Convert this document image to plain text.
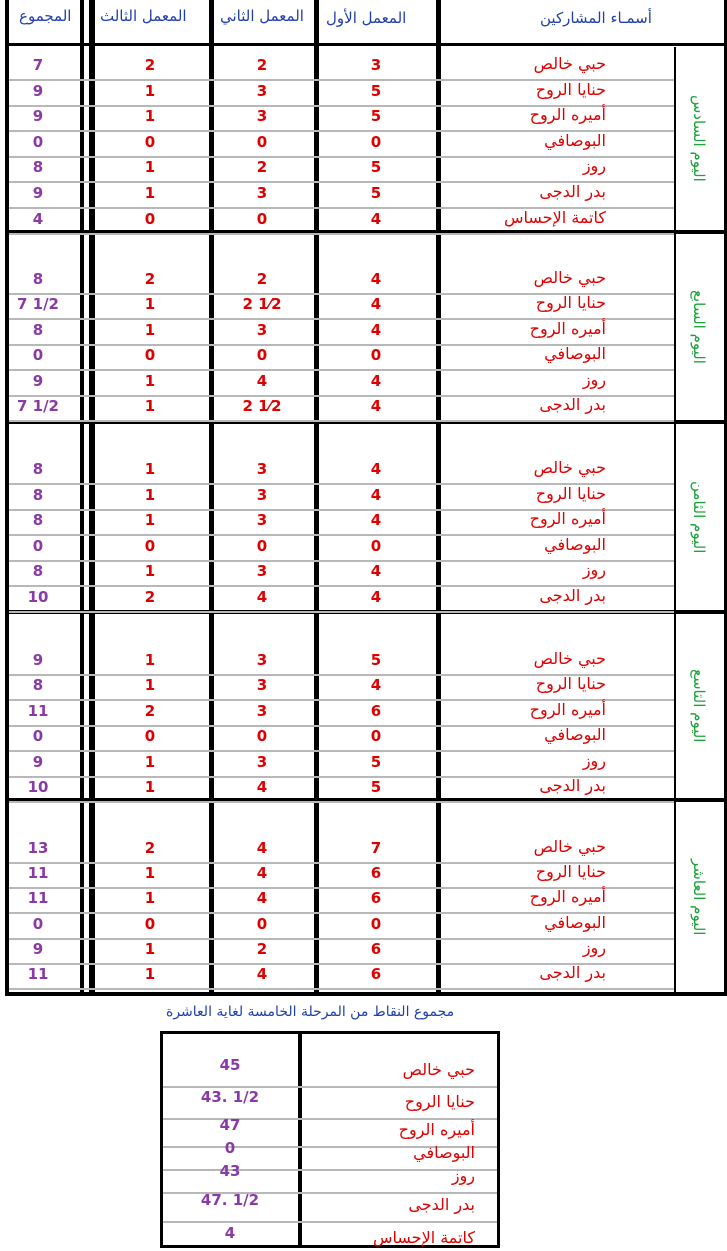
أسمـاء المشاركين
المعمل الأول
المعمل الثاني
المعمل الثالث
المجموع
اليوم السادس
حبي خالص
3
2
2
7
حنايا الروح
5
3
1
9
أميره الروح
5
3
1
9
البوصافي
0
0
0
0
روز
5
2
1
8
بدر الدجى
5
3
1
9
كاتمة الإحساس
4
0
0
4
اليوم السابع
حبي خالص
4
2
2
8
حنايا الروح
4
2 1⁄2
1
7 1/2
أميره الروح
4
3
1
8
البوصافي
0
0
0
0
روز
4
4
1
9
بدر الدجى
4
2 1⁄2
1
7 1/2
اليوم الثامن
حبي خالص
4
3
1
8
حنايا الروح
4
3
1
8
أميره الروح
4
3
1
8
البوصافي
0
0
0
0
روز
4
3
1
8
بدر الدجى
4
4
2
10
اليوم التاسع
حبي خالص
5
3
1
9
حنايا الروح
4
3
1
8
أميره الروح
6
3
2
11
البوصافي
0
0
0
0
روز
5
3
1
9
بدر الدجى
5
4
1
10
اليوم العاشر
حبي خالص
7
4
2
13
حنايا الروح
6
4
1
11
أميره الروح
6
4
1
11
البوصافي
0
0
0
0
روز
6
2
1
9
بدر الدجى
6
4
1
11
مجموع النقاط من المرحلة الخامسة لغاية العاشرة
حبي خالص
45
حنايا الروح
43. 1/2
أميره الروح
47
البوصافي
0
روز
43
بدر الدجى
47. 1/2
كاتمة الإحساس
4
